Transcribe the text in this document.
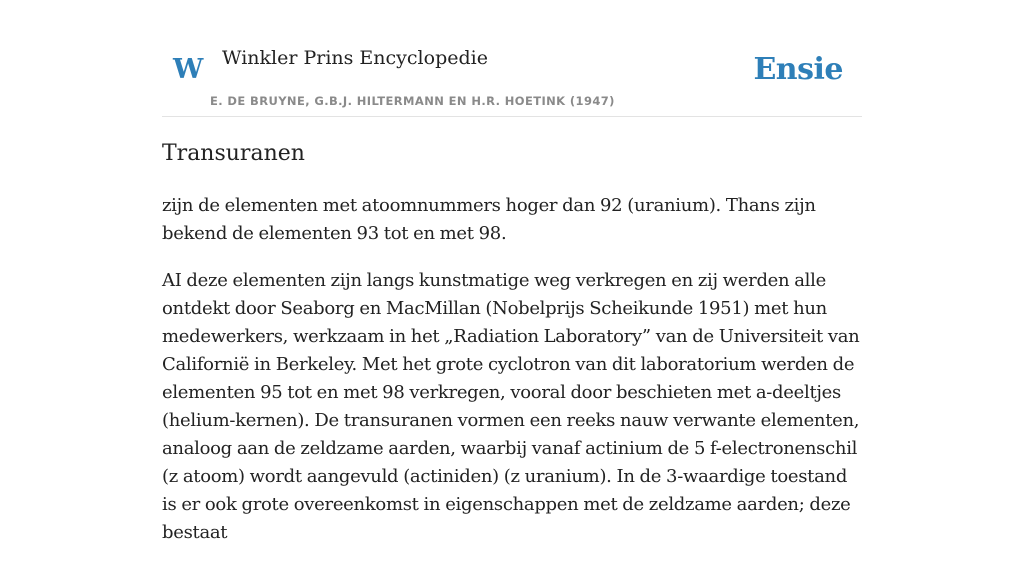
W Winkler Prins Encyclopedie
E. DE BRUYNE, G.B.J. HILTERMANN EN H.R. HOETINK (1947)
Ensie
Transuranen

zijn de elementen met atoomnummers hoger dan 92 (uranium). Thans zijn bekend de elementen 93 tot en met 98.

AI deze elementen zijn langs kunstmatige weg verkregen en zij werden alle ontdekt door Seaborg en MacMillan (Nobelprijs Scheikunde 1951) met hun medewerkers, werkzaam in het „Radiation Laboratory” van de Universiteit van Californië in Berkeley. Met het grote cyclotron van dit laboratorium werden de elementen 95 tot en met 98 verkregen, vooral door beschieten met a-deeltjes (helium-kernen). De transuranen vormen een reeks nauw verwante elementen, analoog aan de zeldzame aarden, waarbij vanaf actinium de 5 f-electronenschil (z atoom) wordt aangevuld (actiniden) (z uranium). In de 3-waardige toestand is er ook grote overeenkomst in eigenschappen met de zeldzame aarden; deze bestaat
